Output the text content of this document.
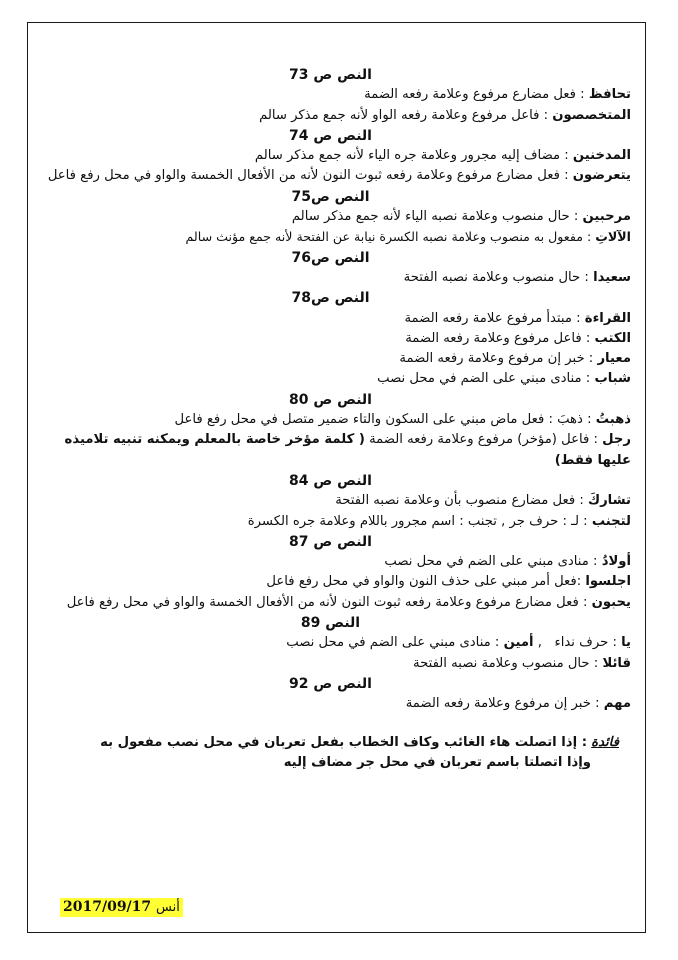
النص ص 73
تحافظ : فعل مضارع مرفوع وعلامة رفعه الضمة
المتخصصون : فاعل مرفوع وعلامة رفعه الواو لأنه جمع مذكر سالم
النص ص 74
المدخنين : مضاف إليه مجرور وعلامة جره الياء لأنه جمع مذكر سالم
يتعرضون : فعل مضارع مرفوع وعلامة رفعه ثبوت النون لأنه من الأفعال الخمسة والواو في محل رفع فاعل
النص ص75
مرحبين : حال منصوب وعلامة نصبه الياء لأنه جمع مذكر سالم
الآلاتِ : مفعول به منصوب وعلامة نصبه الكسرة نيابة عن الفتحة لأنه جمع مؤنث سالم
النص ص76
سعيدا : حال منصوب وعلامة نصبه الفتحة
النص ص78
القراءة : مبتدأ مرفوع علامة رفعه الضمة
الكتب : فاعل مرفوع وعلامة رفعه الضمة
معيار : خبر إن مرفوع وعلامة رفعه الضمة
شباب : منادى مبني على الضم في محل نصب
النص ص 80
ذهبتُ : ذهبَ : فعل ماض مبني على السكون والتاء ضمير متصل في محل رفع فاعل
رجل : فاعل (مؤخر) مرفوع وعلامة رفعه الضمة ( كلمة مؤخر خاصة بالمعلم ويمكنه تنبيه تلاميذه عليها فقط)
النص ص 84
تشاركَ : فعل مضارع منصوب بأن وعلامة نصبه الفتحة
لتجنب : لـ : حرف جر , تجنب : اسم مجرور باللام وعلامة جره الكسرة
النص ص 87
أولادُ : منادى مبني على الضم في محل نصب
اجلسوا :فعل أمر مبني على حذف النون والواو في محل رفع فاعل
يحبون : فعل مضارع مرفوع وعلامة رفعه ثبوت النون لأنه من الأفعال الخمسة والواو في محل رفع فاعل
النص 89
يا : حرف نداء   , أمين : منادى مبني على الضم في محل نصب
قائلا : حال منصوب وعلامة نصبه الفتحة
النص ص 92
مهم : خبر إن مرفوع وعلامة رفعه الضمة
فائدة : إذا اتصلت هاء الغائب وكاف الخطاب بفعل تعربان في محل نصب مفعول به
وإذا اتصلتا باسم تعربان في محل جر مضاف إليه
أنس 2017/09/17
